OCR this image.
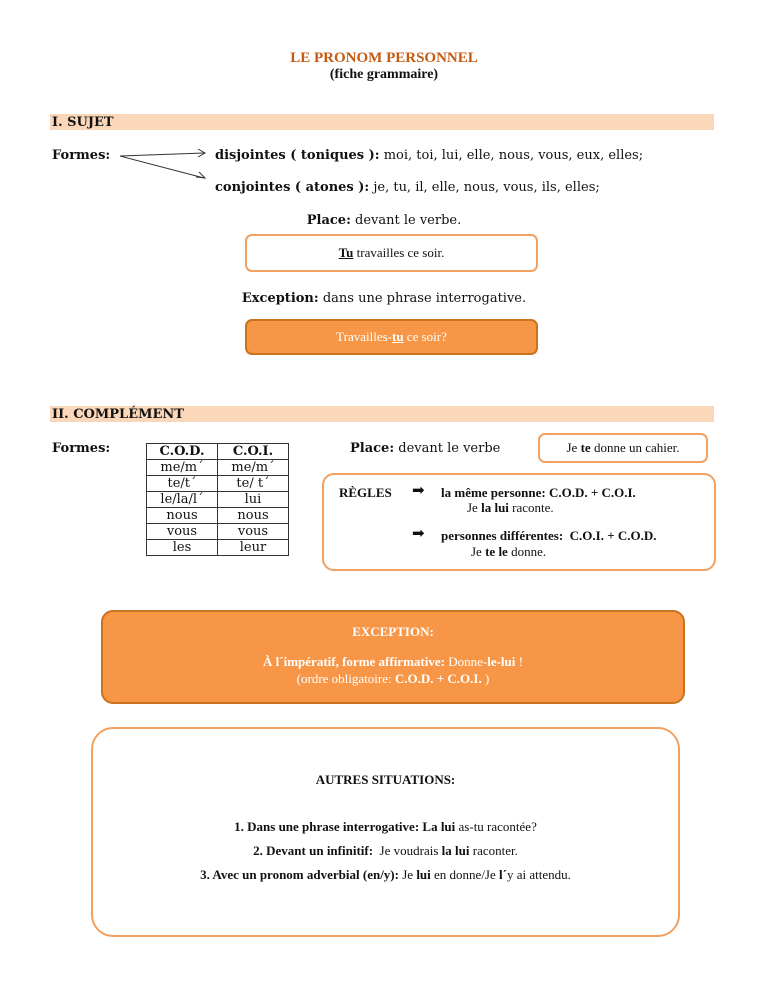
LE PRONOM PERSONNEL
(fiche grammaire)
I. SUJET
Formes:	disjointes ( toniques ): moi, toi, lui, elle, nous, vous, eux, elles;
conjointes ( atones ): je, tu, il, elle, nous, vous, ils, elles;
Place: devant le verbe.
Tu travailles ce soir.
Exception: dans une phrase interrogative.
Travailles-tu ce soir?
II. COMPLÉMENT
Formes:	C.O.D.	C.O.I.
me/m´	me/m´
te/t´	te/ t´
le/la/l´	lui
nous	nous
vous	vous
les	leur
Place: devant le verbe	Je te donne un cahier.
RÈGLES ➡ la même personne: C.O.D. + C.O.I.
Je la lui raconte.
➡ personnes différentes:  C.O.I. + C.O.D.
Je te le donne.
EXCEPTION:
À l´impératif, forme affirmative: Donne-le-lui !
(ordre obligatoire: C.O.D. + C.O.I. )
AUTRES SITUATIONS:
1. Dans une phrase interrogative: La lui as-tu racontée?
2. Devant un infinitif:  Je voudrais la lui raconter.
3. Avec un pronom adverbial (en/y): Je lui en donne/Je l´y ai attendu.
